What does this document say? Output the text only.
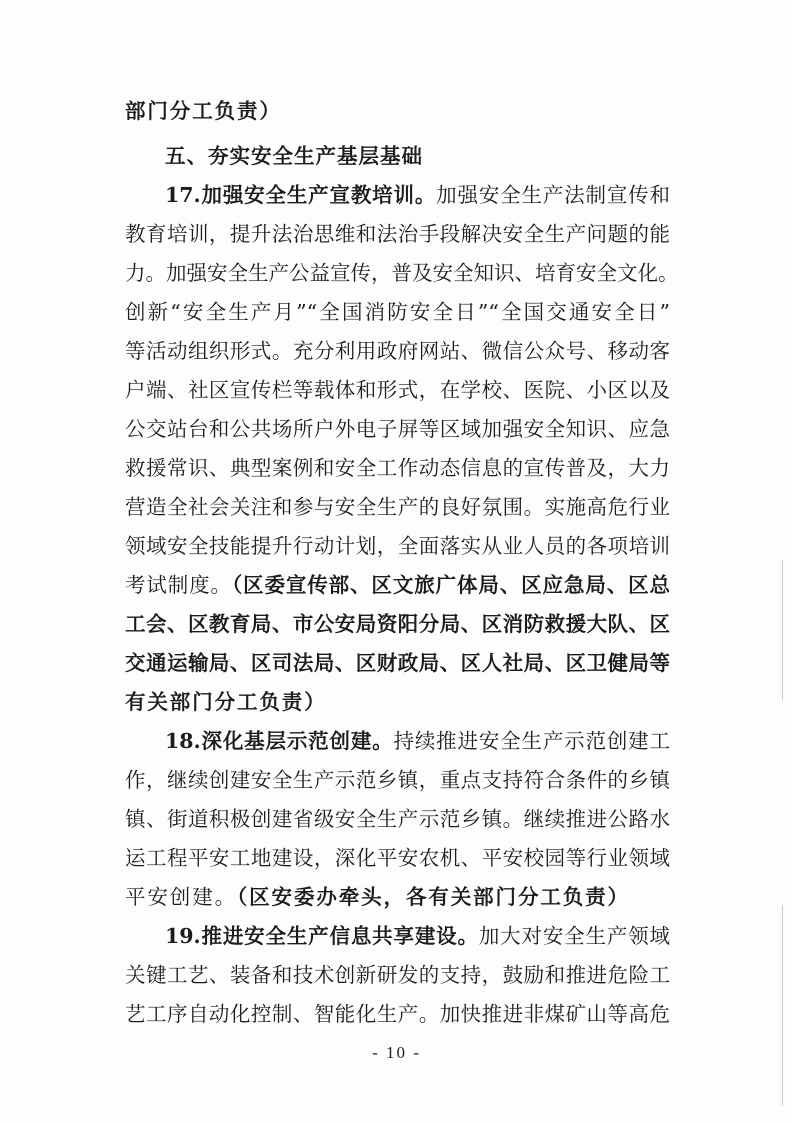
部门分工负责）
五、夯实安全生产基层基础
17.加强安全生产宣教培训。加强安全生产法制宣传和
教育培训，提升法治思维和法治手段解决安全生产问题的能
力。加强安全生产公益宣传，普及安全知识、培育安全文化。
创新“安全生产月”“全国消防安全日”“全国交通安全日”
等活动组织形式。充分利用政府网站、微信公众号、移动客
户端、社区宣传栏等载体和形式，在学校、医院、小区以及
公交站台和公共场所户外电子屏等区域加强安全知识、应急
救援常识、典型案例和安全工作动态信息的宣传普及，大力
营造全社会关注和参与安全生产的良好氛围。实施高危行业
领域安全技能提升行动计划，全面落实从业人员的各项培训
考试制度。（区委宣传部、区文旅广体局、区应急局、区总
工会、区教育局、市公安局资阳分局、区消防救援大队、区
交通运输局、区司法局、区财政局、区人社局、区卫健局等
有关部门分工负责）
18.深化基层示范创建。持续推进安全生产示范创建工
作，继续创建安全生产示范乡镇，重点支持符合条件的乡镇
镇、街道积极创建省级安全生产示范乡镇。继续推进公路水
运工程平安工地建设，深化平安农机、平安校园等行业领域
平安创建。（区安委办牵头，各有关部门分工负责）
19.推进安全生产信息共享建设。加大对安全生产领域
关键工艺、装备和技术创新研发的支持，鼓励和推进危险工
艺工序自动化控制、智能化生产。加快推进非煤矿山等高危
- 10 -
